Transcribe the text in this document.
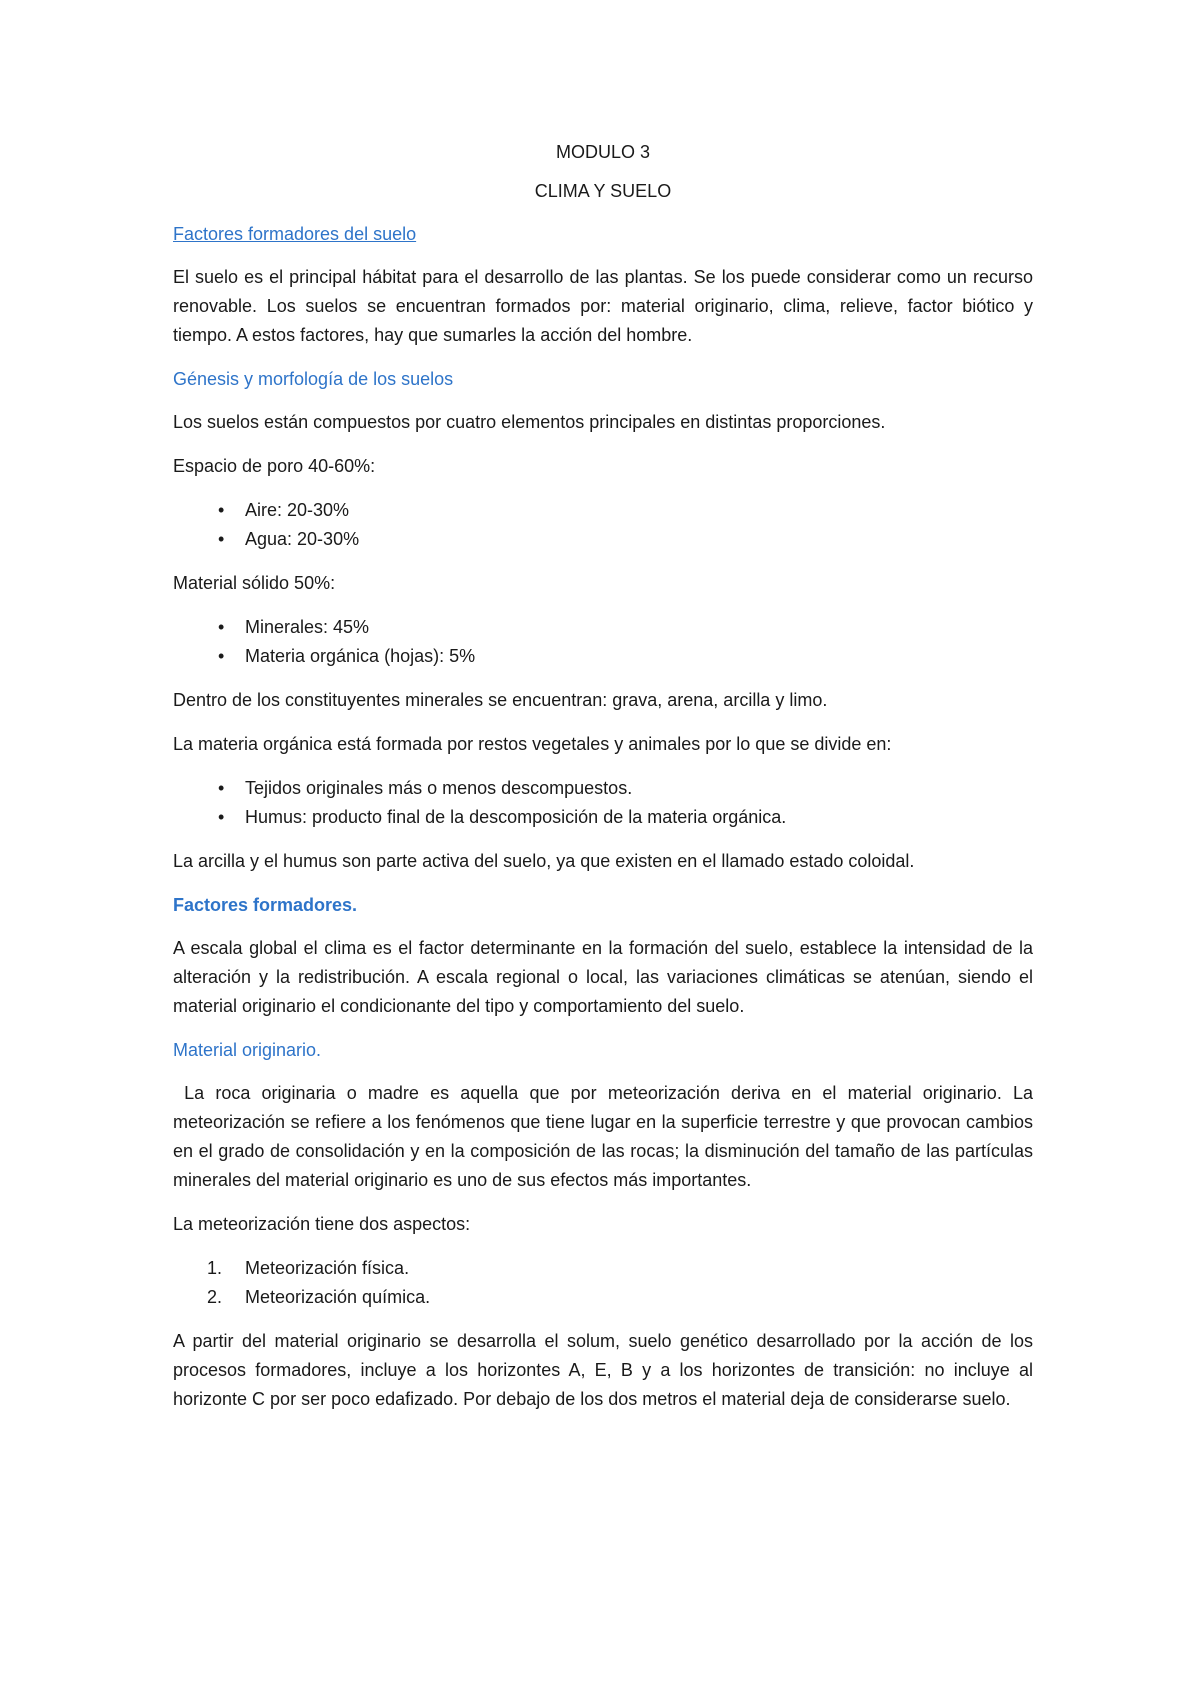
MODULO 3

CLIMA Y SUELO

Factores formadores del suelo

El suelo es el principal hábitat para el desarrollo de las plantas. Se los puede considerar como un recurso renovable. Los suelos se encuentran formados por: material originario, clima, relieve, factor biótico y tiempo. A estos factores, hay que sumarles la acción del hombre.

Génesis y morfología de los suelos

Los suelos están compuestos por cuatro elementos principales en distintas proporciones.

Espacio de poro 40-60%:

• Aire: 20-30%
• Agua: 20-30%

Material sólido 50%:

• Minerales: 45%
• Materia orgánica (hojas): 5%

Dentro de los constituyentes minerales se encuentran: grava, arena, arcilla y limo.

La materia orgánica está formada por restos vegetales y animales por lo que se divide en:

• Tejidos originales más o menos descompuestos.
• Humus: producto final de la descomposición de la materia orgánica.

La arcilla y el humus son parte activa del suelo, ya que existen en el llamado estado coloidal.

Factores formadores.

A escala global el clima es el factor determinante en la formación del suelo, establece la intensidad de la alteración y la redistribución. A escala regional o local, las variaciones climáticas se atenúan, siendo el material originario el condicionante del tipo y comportamiento del suelo.

Material originario.

La roca originaria o madre es aquella que por meteorización deriva en el material originario. La meteorización se refiere a los fenómenos que tiene lugar en la superficie terrestre y que provocan cambios en el grado de consolidación y en la composición de las rocas; la disminución del tamaño de las partículas minerales del material originario es uno de sus efectos más importantes.

La meteorización tiene dos aspectos:

1. Meteorización física.
2. Meteorización química.

A partir del material originario se desarrolla el solum, suelo genético desarrollado por la acción de los procesos formadores, incluye a los horizontes A, E, B y a los horizontes de transición: no incluye al horizonte C por ser poco edafizado. Por debajo de los dos metros el material deja de considerarse suelo.
